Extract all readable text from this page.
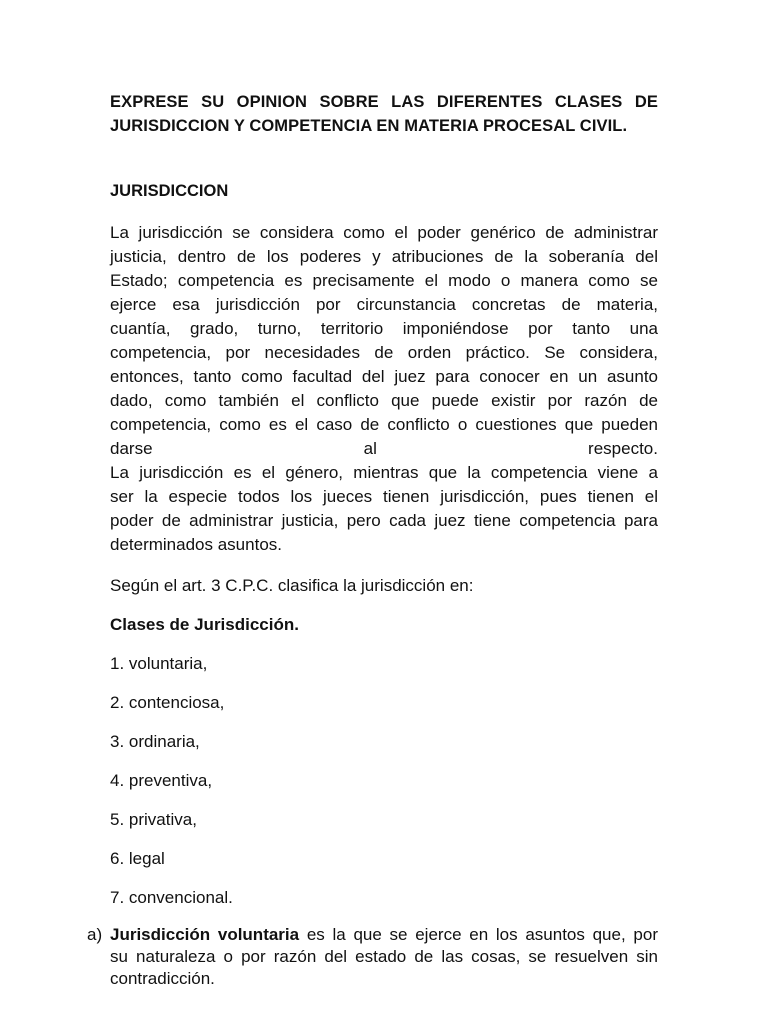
EXPRESE SU OPINION SOBRE LAS DIFERENTES CLASES DE JURISDICCION Y COMPETENCIA EN MATERIA PROCESAL CIVIL.
JURISDICCION
La jurisdicción se considera como el poder genérico de administrar
justicia, dentro de los poderes y atribuciones de la soberanía del
Estado; competencia es precisamente el modo o manera como se
ejerce esa jurisdicción por circunstancia concretas de materia,
cuantía, grado, turno, territorio imponiéndose por tanto una
competencia, por necesidades de orden práctico. Se considera,
entonces, tanto como facultad del juez para conocer en un asunto
dado, como también el conflicto que puede existir por razón de
competencia, como es el caso de conflicto o cuestiones que pueden
darse al respecto.
La jurisdicción es el género, mientras que la competencia viene a
ser la especie todos los jueces tienen jurisdicción, pues tienen el
poder de administrar justicia, pero cada juez tiene competencia para
determinados asuntos.

Según el art. 3 C.P.C. clasifica la jurisdicción en:

Clases de Jurisdicción.

1. voluntaria,
2. contenciosa,
3. ordinaria,
4. preventiva,
5. privativa,
6. legal
7. convencional.
a) Jurisdicción voluntaria es la que se ejerce en los asuntos que, por
su naturaleza o por razón del estado de las cosas, se resuelven sin
contradicción.
